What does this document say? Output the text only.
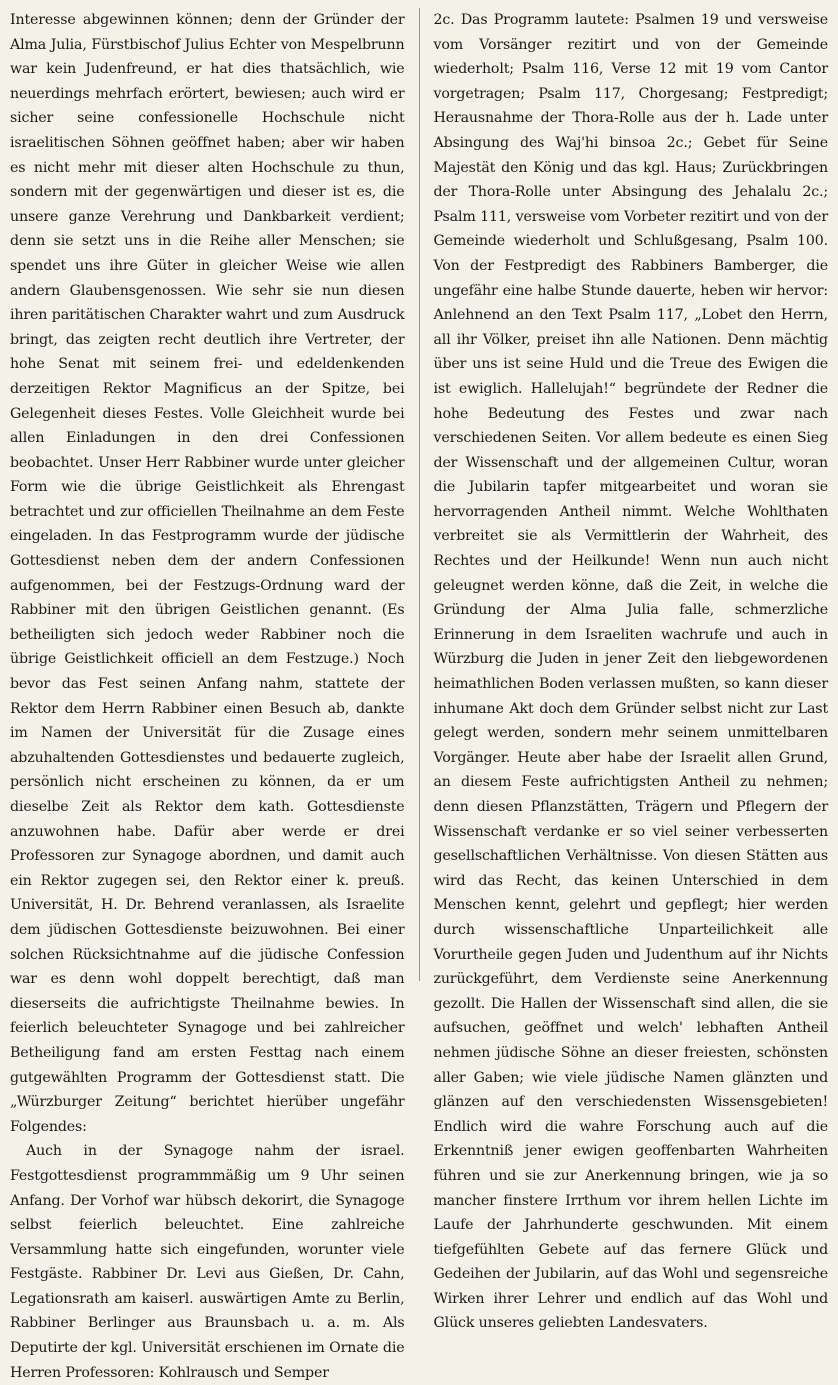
Interesse abgewinnen können; denn der Gründer der Alma Julia, Fürstbischof Julius Echter von Mespelbrunn war kein Judenfreund, er hat dies thatsächlich, wie neuerdings mehrfach erörtert, bewiesen; auch wird er sicher seine confessionelle Hochschule nicht israelitischen Söhnen geöffnet haben; aber wir haben es nicht mehr mit dieser alten Hochschule zu thun, sondern mit der gegenwärtigen und dieser ist es, die unsere ganze Verehrung und Dankbarkeit verdient; denn sie setzt uns in die Reihe aller Menschen; sie spendet uns ihre Güter in gleicher Weise wie allen andern Glaubensgenossen. Wie sehr sie nun diesen ihren paritätischen Charakter wahrt und zum Ausdruck bringt, das zeigten recht deutlich ihre Vertreter, der hohe Senat mit seinem frei- und edeldenkenden derzeitigen Rektor Magnificus an der Spitze, bei Gelegenheit dieses Festes. Volle Gleichheit wurde bei allen Einladungen in den drei Confessionen beobachtet. Unser Herr Rabbiner wurde unter gleicher Form wie die übrige Geistlichkeit als Ehrengast betrachtet und zur officiellen Theilnahme an dem Feste eingeladen. In das Festprogramm wurde der jüdische Gottesdienst neben dem der andern Confessionen aufgenommen, bei der Festzugs-Ordnung ward der Rabbiner mit den übrigen Geistlichen genannt. (Es betheiligten sich jedoch weder Rabbiner noch die übrige Geistlichkeit officiell an dem Festzuge.) Noch bevor das Fest seinen Anfang nahm, stattete der Rektor dem Herrn Rabbiner einen Besuch ab, dankte im Namen der Universität für die Zusage eines abzuhaltenden Gottesdienstes und bedauerte zugleich, persönlich nicht erscheinen zu können, da er um dieselbe Zeit als Rektor dem kath. Gottesdienste anzuwohnen habe. Dafür aber werde er drei Professoren zur Synagoge abordnen, und damit auch ein Rektor zugegen sei, den Rektor einer k. preuß. Universität, H. Dr. Behrend veranlassen, als Israelite dem jüdischen Gottesdienste beizuwohnen. Bei einer solchen Rücksichtnahme auf die jüdische Confession war es denn wohl doppelt berechtigt, daß man dieserseits die aufrichtigste Theilnahme bewies. In feierlich beleuchteter Synagoge und bei zahlreicher Betheiligung fand am ersten Festtag nach einem gutgewählten Programm der Gottesdienst statt. Die „Würzburger Zeitung“ berichtet hierüber ungefähr Folgendes:

Auch in der Synagoge nahm der israel. Festgottesdienst programmmäßig um 9 Uhr seinen Anfang. Der Vorhof war hübsch dekorirt, die Synagoge selbst feierlich beleuchtet. Eine zahlreiche Versammlung hatte sich eingefunden, worunter viele Festgäste. Rabbiner Dr. Levi aus Gießen, Dr. Cahn, Legationsrath am kaiserl. auswärtigen Amte zu Berlin, Rabbiner Berlinger aus Braunsbach u. a. m. Als Deputirte der kgl. Universität erschienen im Ornate die Herren Professoren: Kohlrausch und Semper

2c. Das Programm lautete: Psalmen 19 und versweise vom Vorsänger rezitirt und von der Gemeinde wiederholt; Psalm 116, Verse 12 mit 19 vom Cantor vorgetragen; Psalm 117, Chorgesang; Festpredigt; Herausnahme der Thora-Rolle aus der h. Lade unter Absingung des Waj'hi binsoa 2c.; Gebet für Seine Majestät den König und das kgl. Haus; Zurückbringen der Thora-Rolle unter Absingung des Jehalalu 2c.; Psalm 111, versweise vom Vorbeter rezitirt und von der Gemeinde wiederholt und Schlußgesang, Psalm 100. Von der Festpredigt des Rabbiners Bamberger, die ungefähr eine halbe Stunde dauerte, heben wir hervor: Anlehnend an den Text Psalm 117, „Lobet den Herrn, all ihr Völker, preiset ihn alle Nationen. Denn mächtig über uns ist seine Huld und die Treue des Ewigen die ist ewiglich. Hallelujah!“ begründete der Redner die hohe Bedeutung des Festes und zwar nach verschiedenen Seiten. Vor allem bedeute es einen Sieg der Wissenschaft und der allgemeinen Cultur, woran die Jubilarin tapfer mitgearbeitet und woran sie hervorragenden Antheil nimmt. Welche Wohlthaten verbreitet sie als Vermittlerin der Wahrheit, des Rechtes und der Heilkunde! Wenn nun auch nicht geleugnet werden könne, daß die Zeit, in welche die Gründung der Alma Julia falle, schmerzliche Erinnerung in dem Israeliten wachrufe und auch in Würzburg die Juden in jener Zeit den liebgewordenen heimathlichen Boden verlassen mußten, so kann dieser inhumane Akt doch dem Gründer selbst nicht zur Last gelegt werden, sondern mehr seinem unmittelbaren Vorgänger. Heute aber habe der Israelit allen Grund, an diesem Feste aufrichtigsten Antheil zu nehmen; denn diesen Pflanzstätten, Trägern und Pflegern der Wissenschaft verdanke er so viel seiner verbesserten gesellschaftlichen Verhältnisse. Von diesen Stätten aus wird das Recht, das keinen Unterschied in dem Menschen kennt, gelehrt und gepflegt; hier werden durch wissenschaftliche Unparteilichkeit alle Vorurtheile gegen Juden und Judenthum auf ihr Nichts zurückgeführt, dem Verdienste seine Anerkennung gezollt. Die Hallen der Wissenschaft sind allen, die sie aufsuchen, geöffnet und welch' lebhaften Antheil nehmen jüdische Söhne an dieser freiesten, schönsten aller Gaben; wie viele jüdische Namen glänzten und glänzen auf den verschiedensten Wissensgebieten! Endlich wird die wahre Forschung auch auf die Erkenntniß jener ewigen geoffenbarten Wahrheiten führen und sie zur Anerkennung bringen, wie ja so mancher finstere Irrthum vor ihrem hellen Lichte im Laufe der Jahrhunderte geschwunden. Mit einem tiefgefühlten Gebete auf das fernere Glück und Gedeihen der Jubilarin, auf das Wohl und segensreiche Wirken ihrer Lehrer und endlich auf das Wohl und Glück unseres geliebten Landesvaters.
